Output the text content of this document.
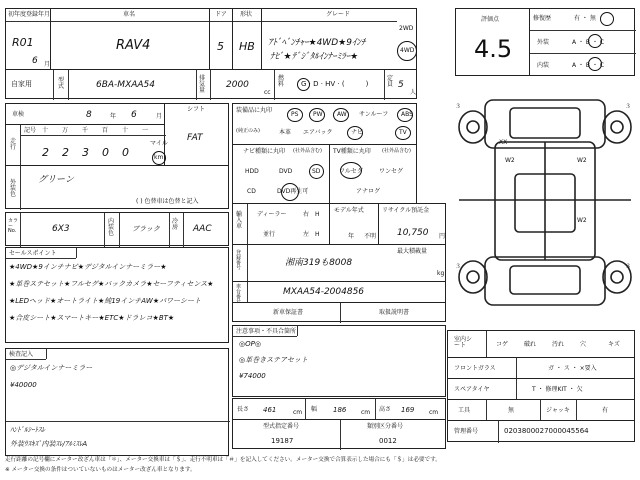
初年度登録年月
R01
6 月
車名
RAV4
ドア
5
形状
HB
グレード
2WD
ｱﾄﾞﾍﾞﾝﾁｬｰ★4WD★9ｲﾝﾁ
ﾅﾋﾞ★ﾃﾞｼﾞﾀﾙｲﾝﾅｰﾐﾗｰ★
4WD
自家用	型式	6BA-MXAA54
排気量
2000
cc
燃料 G · D · HV · (　　　)
定員 5
人
車検	8	年 6	月
シフト
FAT
走行
記号 十 万 千 百 十 一
2 2 3 0 0
マイル
km
外装色
グリーン
( ) 色替車は色替と記入
カラー No.	6X3
内装色
ブラック
冷房 AAC
セールスポイント
★4WD★9インチナビ★デジタルインナーミラー★
★革巻ステセット★フルセグ★バックカメラ★セーフティセンス★
★LEDヘッド★オートライト★純19インチAW★パワーシート
★合皮シート★スマートキー★ETC★ドラレコ★BT★
検査記入
◎デジタルインナーミラー
¥40000
ﾊﾝﾄﾞﾙｼｰﾄｽﾚ
外装ｳｽｷｽﾞ内装ｽﾚ/ｱﾙﾐｽﾚA
装備品に丸印
(純正のみ)
PS PW AW サンルーフ ABS
本革 エアバック	ナビ	TV
ナビ種類に丸印 (社外品含む)
HDD	DVD	SD
CD	DVD再生可
TV種類に丸印 (社外品含む)
フルセグ	ワンセグ
アナログ
輸入車
ディーラー
並行
右
左
H
H
モデル年式
年 不明
リサイクル預託金
10,750 円
登録番号
最大積載量
湘南319も8008
kg
車台番	MXAA54-2004856
新車保証書	取扱説明書
注意事項・不具合箇所
◎OP◎
◎革巻きステアセット
¥74000
長さ 461	cm 幅 186 cm 高さ 169 cm
型式指定番号
19187
類別区分番号
0012
評価点
4.5
修復歴	有 ・ 無
外装	A ・ B ・ C
内装	A ・ B ・ C
XX
W2	W2
W2
３	３
３	３
室内シート	コゲ	破れ	汚れ	穴	キズ
フロントガラス	ガ ・ ス ・ ×要入
スペアタイヤ	T ・ 修理KIT ・ 欠
工具	無	ジャッキ	有
管理番号	0203800027000045564
走行距離の記号欄にメーター改ざん車は「＊」、メーター交換車は「＄」、走行不明車は「＃」を記入してください。メーター交換で合算表示した場合にも「＄」は必要です。
※ メーター交換の条件はついていないものはメーター改ざん車となります。
